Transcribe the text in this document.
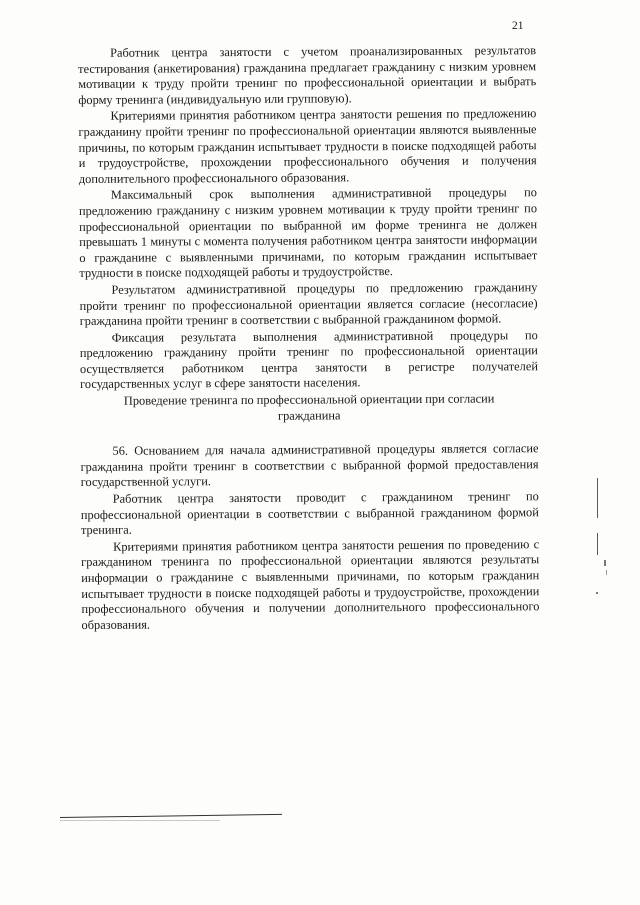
21

Работник центра занятости с учетом проанализированных результатов тестирования (анкетирования) гражданина предлагает гражданину с низким уровнем мотивации к труду пройти тренинг по профессиональной ориентации и выбрать форму тренинга (индивидуальную или групповую).

Критериями принятия работником центра занятости решения по предложению гражданину пройти тренинг по профессиональной ориентации являются выявленные причины, по которым гражданин испытывает трудности в поиске подходящей работы и трудоустройстве, прохождении профессионального обучения и получения дополнительного профессионального образования.

Максимальный срок выполнения административной процедуры по предложению гражданину с низким уровнем мотивации к труду пройти тренинг по профессиональной ориентации по выбранной им форме тренинга не должен превышать 1 минуты с момента получения работником центра занятости информации о гражданине с выявленными причинами, по которым гражданин испытывает трудности в поиске подходящей работы и трудоустройстве.

Результатом административной процедуры по предложению гражданину пройти тренинг по профессиональной ориентации является согласие (несогласие) гражданина пройти тренинг в соответствии с выбранной гражданином формой.

Фиксация результата выполнения административной процедуры по предложению гражданину пройти тренинг по профессиональной ориентации осуществляется работником центра занятости в регистре получателей государственных услуг в сфере занятости населения.

Проведение тренинга по профессиональной ориентации при согласии гражданина

56. Основанием для начала административной процедуры является согласие гражданина пройти тренинг в соответствии с выбранной формой предоставления государственной услуги.

Работник центра занятости проводит с гражданином тренинг по профессиональной ориентации в соответствии с выбранной гражданином формой тренинга.

Критериями принятия работником центра занятости решения по проведению с гражданином тренинга по профессиональной ориентации являются результаты информации о гражданине с выявленными причинами, по которым гражданин испытывает трудности в поиске подходящей работы и трудоустройстве, прохождении профессионального обучения и получении дополнительного профессионального образования.
